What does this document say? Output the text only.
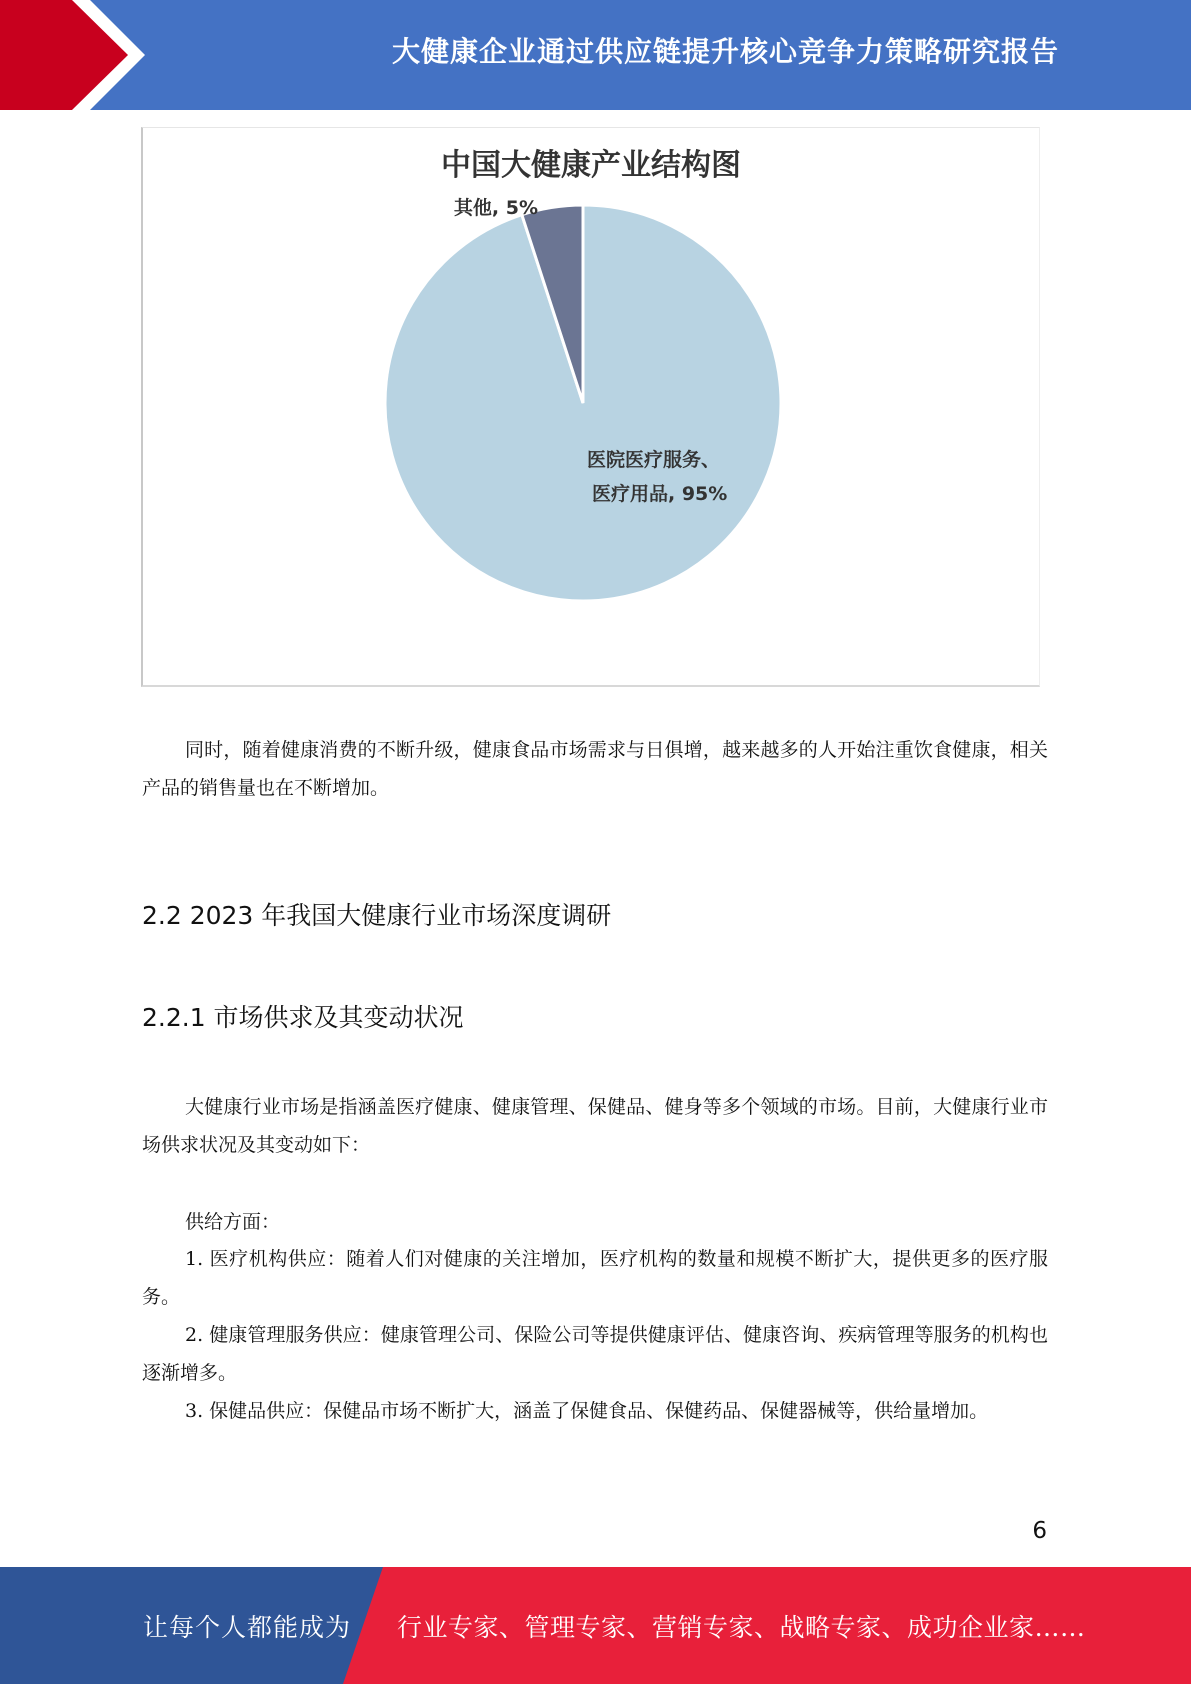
大健康企业通过供应链提升核心竞争力策略研究报告
中国大健康产业结构图
其他, 5%
医院医疗服务、
医疗用品, 95%
同时，随着健康消费的不断升级，健康食品市场需求与日俱增，越来越多的人开始注重饮食健康，相关产品的销售量也在不断增加。
2.2 2023 年我国大健康行业市场深度调研
2.2.1 市场供求及其变动状况
大健康行业市场是指涵盖医疗健康、健康管理、保健品、健身等多个领域的市场。目前，大健康行业市场供求状况及其变动如下：
供给方面：
1. 医疗机构供应：随着人们对健康的关注增加，医疗机构的数量和规模不断扩大，提供更多的医疗服务。
2. 健康管理服务供应：健康管理公司、保险公司等提供健康评估、健康咨询、疾病管理等服务的机构也逐渐增多。
3. 保健品供应：保健品市场不断扩大，涵盖了保健食品、保健药品、保健器械等，供给量增加。
6
让每个人都能成为 行业专家、管理专家、营销专家、战略专家、成功企业家……
